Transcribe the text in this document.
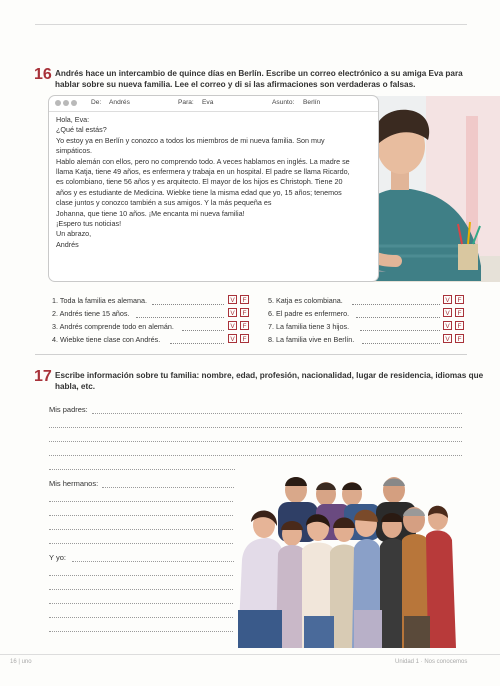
16 Andrés hace un intercambio de quince días en Berlín. Escribe un correo electrónico a su amiga Eva para
hablar sobre su nueva familia. Lee el correo y di si las afirmaciones son verdaderas o falsas.
De: Andrés	Para: Eva	Asunto: Berlín

Hola, Eva:

¿Qué tal estás?

Yo estoy ya en Berlín y conozco a todos los miembros de mi nueva familia. Son muy simpáticos.

Hablo alemán con ellos, pero no comprendo todo. A veces hablamos en inglés. La madre se

llama Katja, tiene 49 años, es enfermera y trabaja en un hospital. El padre se llama Ricardo,

es colombiano, tiene 56 años y es arquitecto. El mayor de los hijos es Christoph. Tiene 20

años y es estudiante de Medicina. Wiebke tiene la misma edad que yo, 15 años; tenemos

clase juntos y conozco también a sus amigos. Y la más pequeña es

Johanna, que tiene 10 años. ¡Me encanta mi nueva familia!

¡Espero tus noticias!

Un abrazo,

Andrés

1. Toda la familia es alemana.	V	F
2. Andrés tiene 15 años.	V	F
3. Andrés comprende todo en alemán.	V	F
4. Wiebke tiene clase con Andrés.	V	F
5. Katja es colombiana.	V	F
6. El padre es enfermero.	V	F
7. La familia tiene 3 hijos.	V	F
8. La familia vive en Berlín.	V	F
17 Escribe información sobre tu familia: nombre, edad, profesión, nacionalidad, lugar de residencia, idiomas que
habla, etc.
Mis padres:
Mis hermanos:
Y yo:
16 | uno	Unidad 1 · Nos conocemos
